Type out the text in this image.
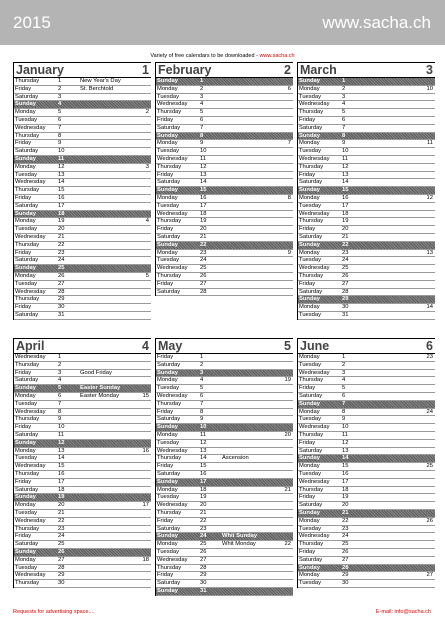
2015	www.sacha.ch
Variety of free calendars to be downloaded - www.sacha.ch
January	1
Thursday	1	New Year's Day
Friday	2	St. Berchtold
Saturday	3
Sunday	4
Monday	5	2
Tuesday	6
Wednesday 7
Thursday	8
Friday	9
Saturday	10
Sunday	11
Monday	12	3
Tuesday	13
Wednesday 14
Thursday	15
Friday	16
Saturday	17
Sunday	18
Monday	19	4
Tuesday	20
Wednesday 21
Thursday	22
Friday	23
Saturday	24
Sunday	25
Monday	26	5
Tuesday	27
Wednesday 28
Thursday	29
Friday	30
Saturday	31
February	2
Sunday	1
Monday	2	6
Tuesday	3
Wednesday 4
Thursday	5
Friday	6
Saturday	7
Sunday	8
Monday	9	7
Tuesday	10
Wednesday 11
Thursday	12
Friday	13
Saturday	14
Sunday	15
Monday	16	8
Tuesday	17
Wednesday 18
Thursday	19
Friday	20
Saturday	21
Sunday	22
Monday	23	9
Tuesday	24
Wednesday 25
Thursday	26
Friday	27
Saturday	28
March	3
Sunday	1
Monday	2	10
Tuesday	3
Wednesday 4
Thursday	5
Friday	6
Saturday	7
Sunday	8
Monday	9	11
Tuesday	10
Wednesday 11
Thursday	12
Friday	13
Saturday	14
Sunday	15
Monday	16	12
Tuesday	17
Wednesday 18
Thursday	19
Friday	20
Saturday	21
Sunday	22
Monday	23	13
Tuesday	24
Wednesday 25
Thursday	26
Friday	27
Saturday	28
Sunday	29
Monday	30	14
Tuesday	31
April	4
Wednesday 1
Thursday	2
Friday	3	Good Friday
Saturday	4
Sunday	5	Easter Sunday
Monday	6	Easter Monday	15
Tuesday	7
Wednesday 8
Thursday	9
Friday	10
Saturday	11
Sunday	12
Monday	13	16
Tuesday	14
Wednesday 15
Thursday	16
Friday	17
Saturday	18
Sunday	19
Monday	20	17
Tuesday	21
Wednesday 22
Thursday	23
Friday	24
Saturday	25
Sunday	26
Monday	27	18
Tuesday	28
Wednesday 29
Thursday	30
May	5
Friday	1
Saturday	2
Sunday	3
Monday	4	19
Tuesday	5
Wednesday 6
Thursday	7
Friday	8
Saturday	9
Sunday	10
Monday	11	20
Tuesday	12
Wednesday 13
Thursday	14	Ascension
Friday	15
Saturday	16
Sunday	17
Monday	18	21
Tuesday	19
Wednesday 20
Thursday	21
Friday	22
Saturday	23
Sunday	24	Whit Sunday
Monday	25	Whit Monday	22
Tuesday	26
Wednesday 27
Thursday	28
Friday	29
Saturday	30
Sunday	31
June	6
Monday	1	23
Tuesday	2
Wednesday 3
Thursday	4
Friday	5
Saturday	6
Sunday	7
Monday	8	24
Tuesday	9
Wednesday 10
Thursday	11
Friday	12
Saturday	13
Sunday	14
Monday	15	25
Tuesday	16
Wednesday 17
Thursday	18
Friday	19
Saturday	20
Sunday	21
Monday	22	26
Tuesday	23
Wednesday 24
Thursday	25
Friday	26
Saturday	27
Sunday	28
Monday	29	27
Tuesday	30
Requests for advertising space....	E-mail: info@sacha.ch
